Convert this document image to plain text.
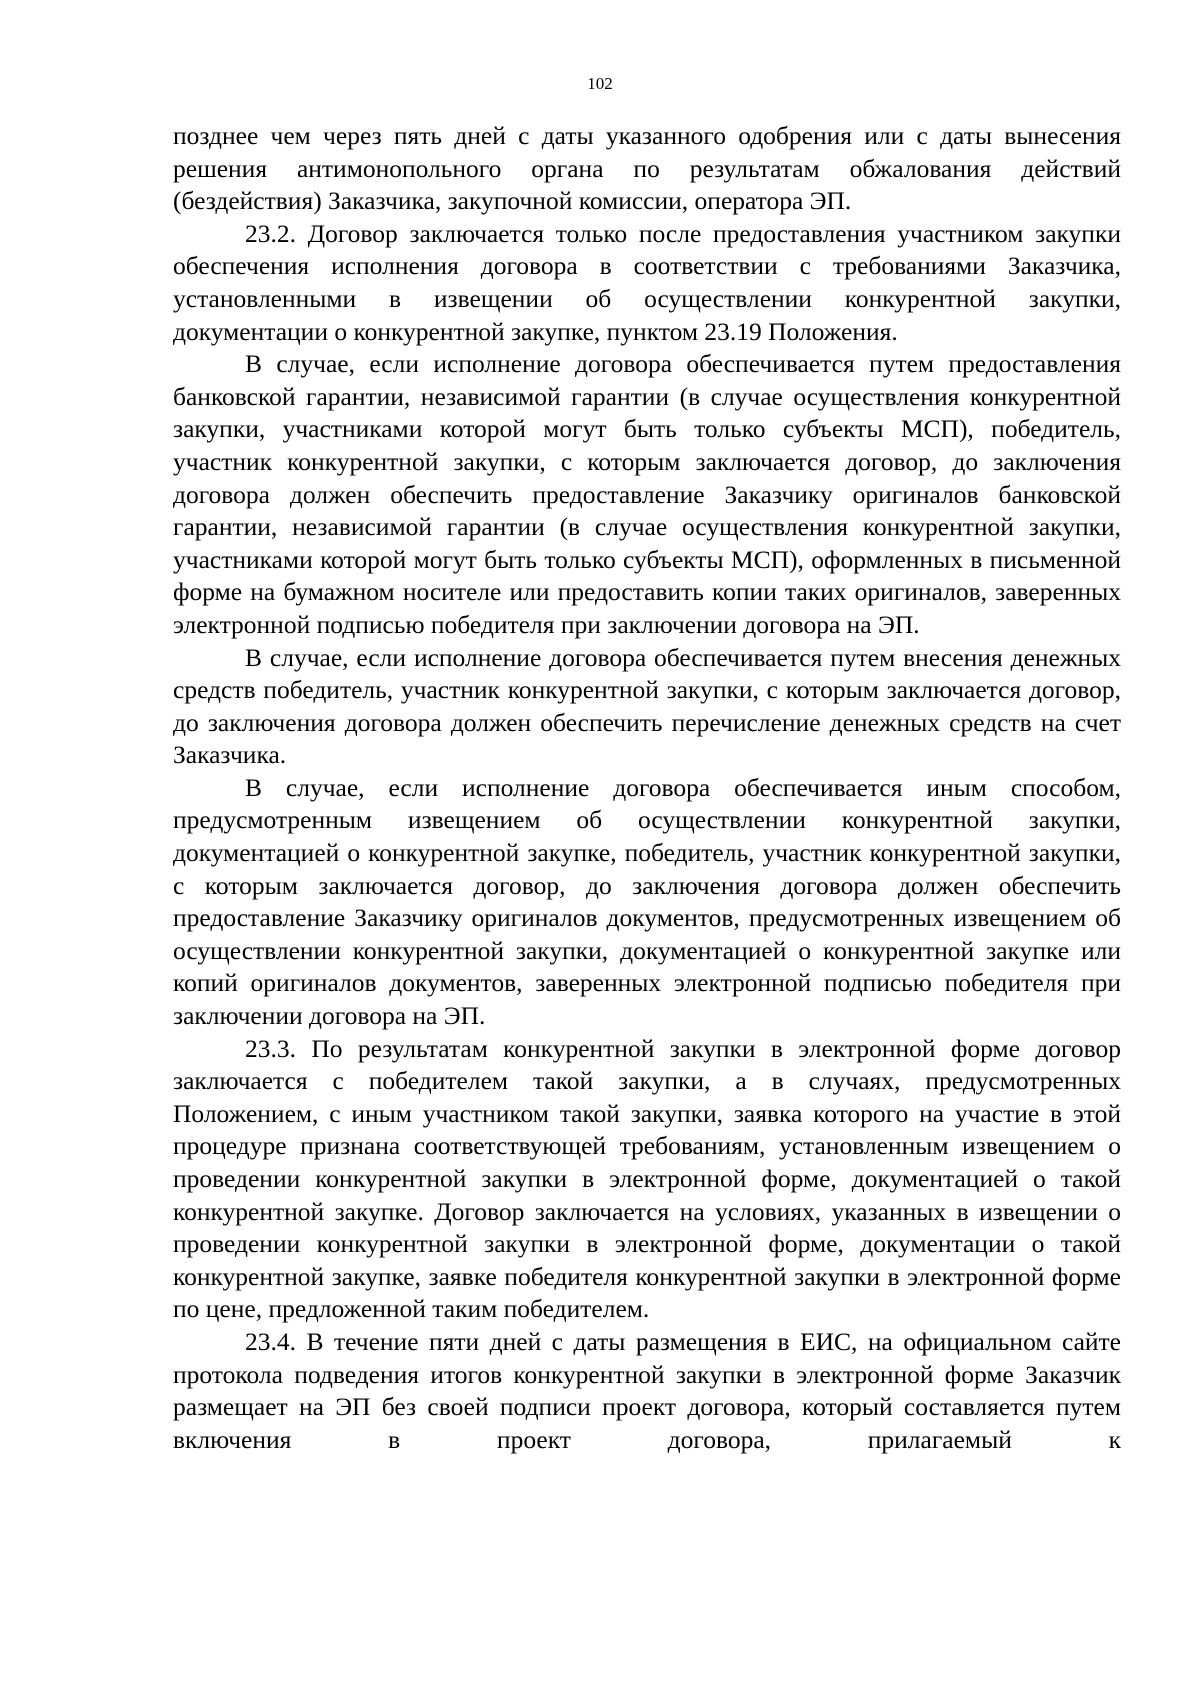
102

позднее чем через пять дней с даты указанного одобрения или с даты вынесения решения антимонопольного органа по результатам обжалования действий (бездействия) Заказчика, закупочной комиссии, оператора ЭП.

23.2. Договор заключается только после предоставления участником закупки обеспечения исполнения договора в соответствии с требованиями Заказчика, установленными в извещении об осуществлении конкурентной закупки, документации о конкурентной закупке, пунктом 23.19 Положения.

В случае, если исполнение договора обеспечивается путем предоставления банковской гарантии, независимой гарантии (в случае осуществления конкурентной закупки, участниками которой могут быть только субъекты МСП), победитель, участник конкурентной закупки, с которым заключается договор, до заключения договора должен обеспечить предоставление Заказчику оригиналов банковской гарантии, независимой гарантии (в случае осуществления конкурентной закупки, участниками которой могут быть только субъекты МСП), оформленных в письменной форме на бумажном носителе или предоставить копии таких оригиналов, заверенных электронной подписью победителя при заключении договора на ЭП.

В случае, если исполнение договора обеспечивается путем внесения денежных средств победитель, участник конкурентной закупки, с которым заключается договор, до заключения договора должен обеспечить перечисление денежных средств на счет Заказчика.

В случае, если исполнение договора обеспечивается иным способом, предусмотренным извещением об осуществлении конкурентной закупки, документацией о конкурентной закупке, победитель, участник конкурентной закупки, с которым заключается договор, до заключения договора должен обеспечить предоставление Заказчику оригиналов документов, предусмотренных извещением об осуществлении конкурентной закупки, документацией о конкурентной закупке или копий оригиналов документов, заверенных электронной подписью победителя при заключении договора на ЭП.

23.3. По результатам конкурентной закупки в электронной форме договор заключается с победителем такой закупки, а в случаях, предусмотренных Положением, с иным участником такой закупки, заявка которого на участие в этой процедуре признана соответствующей требованиям, установленным извещением о проведении конкурентной закупки в электронной форме, документацией о такой конкурентной закупке. Договор заключается на условиях, указанных в извещении о проведении конкурентной закупки в электронной форме, документации о такой конкурентной закупке, заявке победителя конкурентной закупки в электронной форме по цене, предложенной таким победителем.

23.4. В течение пяти дней с даты размещения в ЕИС, на официальном сайте протокола подведения итогов конкурентной закупки в электронной форме Заказчик размещает на ЭП без своей подписи проект договора, который составляется путем включения в проект договора, прилагаемый к
